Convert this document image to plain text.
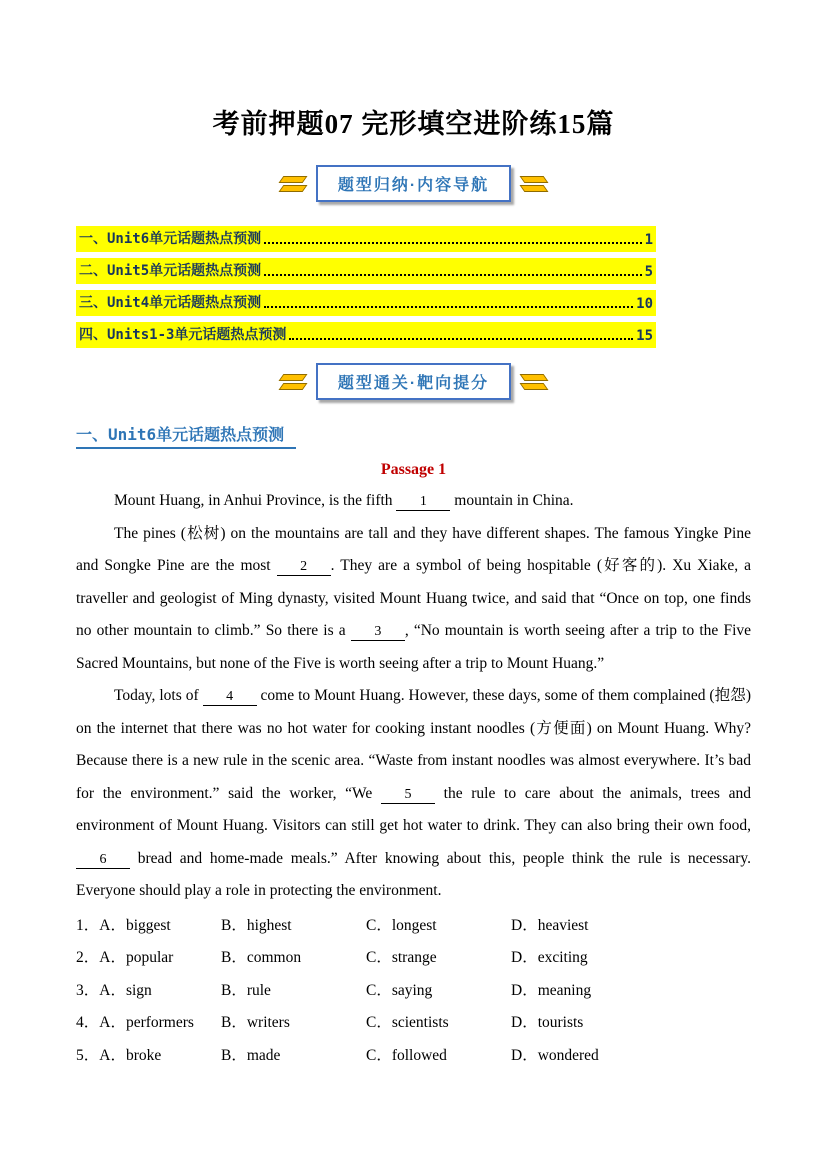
考前押题07 完形填空进阶练15篇
题型归纳·内容导航
一、Unit6单元话题热点预测	1
二、Unit5单元话题热点预测	5
三、Unit4单元话题热点预测	10
四、Units1-3单元话题热点预测	15
题型通关·靶向提分
一、Unit6单元话题热点预测
Passage 1

Mount Huang, in Anhui Province, is the fifth 1 mountain in China.

The pines (松树) on the mountains are tall and they have different shapes. The famous Yingke Pine and Songke Pine are the most 2 . They are a symbol of being hospitable (好客的). Xu Xiake, a traveller and geologist of Ming dynasty, visited Mount Huang twice, and said that “Once on top, one finds no other mountain to climb.” So there is a 3 , “No mountain is worth seeing after a trip to the Five Sacred Mountains, but none of the Five is worth seeing after a trip to Mount Huang.”

Today, lots of 4 come to Mount Huang. However, these days, some of them complained (抱怨) on the internet that there was no hot water for cooking instant noodles (方便面) on Mount Huang. Why? Because there is a new rule in the scenic area. “Waste from instant noodles was almost everywhere. It’s bad for the environment.” said the worker, “We 5 the rule to care about the animals, trees and environment of Mount Huang. Visitors can still get hot water to drink. They can also bring their own food, 6 bread and home-made meals.” After knowing about this, people think the rule is necessary. Everyone should play a role in protecting the environment.

1．A．biggest	B．highest	C．longest	D．heaviest
2．A．popular	B．common	C．strange	D．exciting
3．A．sign	B．rule	C．saying	D．meaning
4．A．performers	B．writers	C．scientists	D．tourists
5．A．broke	B．made	C．followed	D．wondered
